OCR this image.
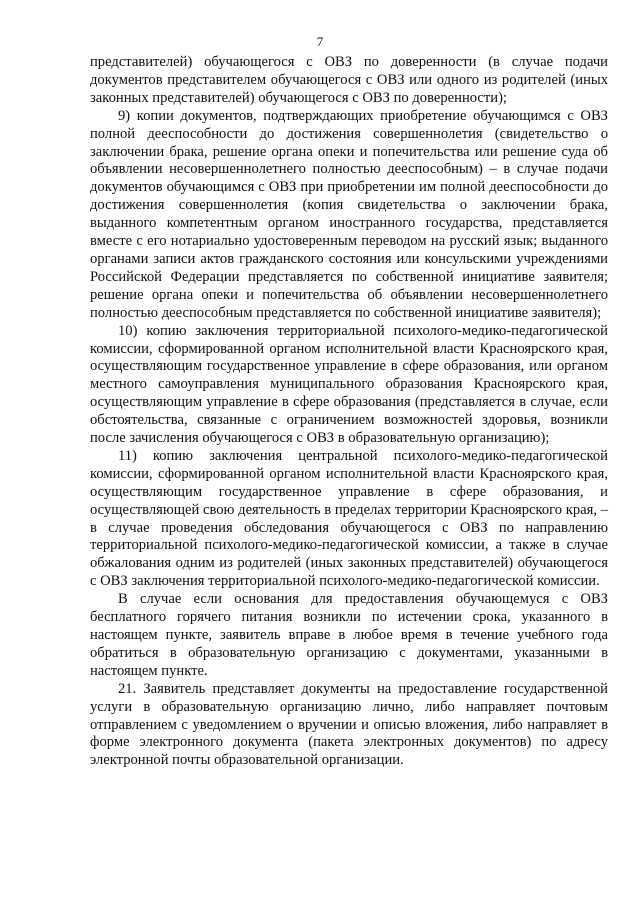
7

представителей) обучающегося с ОВЗ по доверенности (в случае подачи документов представителем обучающегося с ОВЗ или одного из родителей (иных законных представителей) обучающегося с ОВЗ по доверенности);

9) копии документов, подтверждающих приобретение обучающимся с ОВЗ полной дееспособности до достижения совершеннолетия (свидетельство о заключении брака, решение органа опеки и попечительства или решение суда об объявлении несовершеннолетнего полностью дееспособным) – в случае подачи документов обучающимся с ОВЗ при приобретении им полной дееспособности до достижения совершеннолетия (копия свидетельства о заключении брака, выданного компетентным органом иностранного государства, представляется вместе с его нотариально удостоверенным переводом на русский язык; выданного органами записи актов гражданского состояния или консульскими учреждениями Российской Федерации представляется по собственной инициативе заявителя; решение органа опеки и попечительства об объявлении несовершеннолетнего полностью дееспособным представляется по собственной инициативе заявителя);

10) копию заключения территориальной психолого-медико-педагогической комиссии, сформированной органом исполнительной власти Красноярского края, осуществляющим государственное управление в сфере образования, или органом местного самоуправления муниципального образования Красноярского края, осуществляющим управление в сфере образования (представляется в случае, если обстоятельства, связанные с ограничением возможностей здоровья, возникли после зачисления обучающегося с ОВЗ в образовательную организацию);

11) копию заключения центральной психолого-медико-педагогической комиссии, сформированной органом исполнительной власти Красноярского края, осуществляющим государственное управление в сфере образования, и осуществляющей свою деятельность в пределах территории Красноярского края, – в случае проведения обследования обучающегося с ОВЗ по направлению территориальной психолого-медико-педагогической комиссии, а также в случае обжалования одним из родителей (иных законных представителей) обучающегося с ОВЗ заключения территориальной психолого-медико-педагогической комиссии.

В случае если основания для предоставления обучающемуся с ОВЗ бесплатного горячего питания возникли по истечении срока, указанного в настоящем пункте, заявитель вправе в любое время в течение учебного года обратиться в образовательную организацию с документами, указанными в настоящем пункте.

21. Заявитель представляет документы на предоставление государственной услуги в образовательную организацию лично, либо направляет почтовым отправлением с уведомлением о вручении и описью вложения, либо направляет в форме электронного документа (пакета электронных документов) по адресу электронной почты образовательной организации.
